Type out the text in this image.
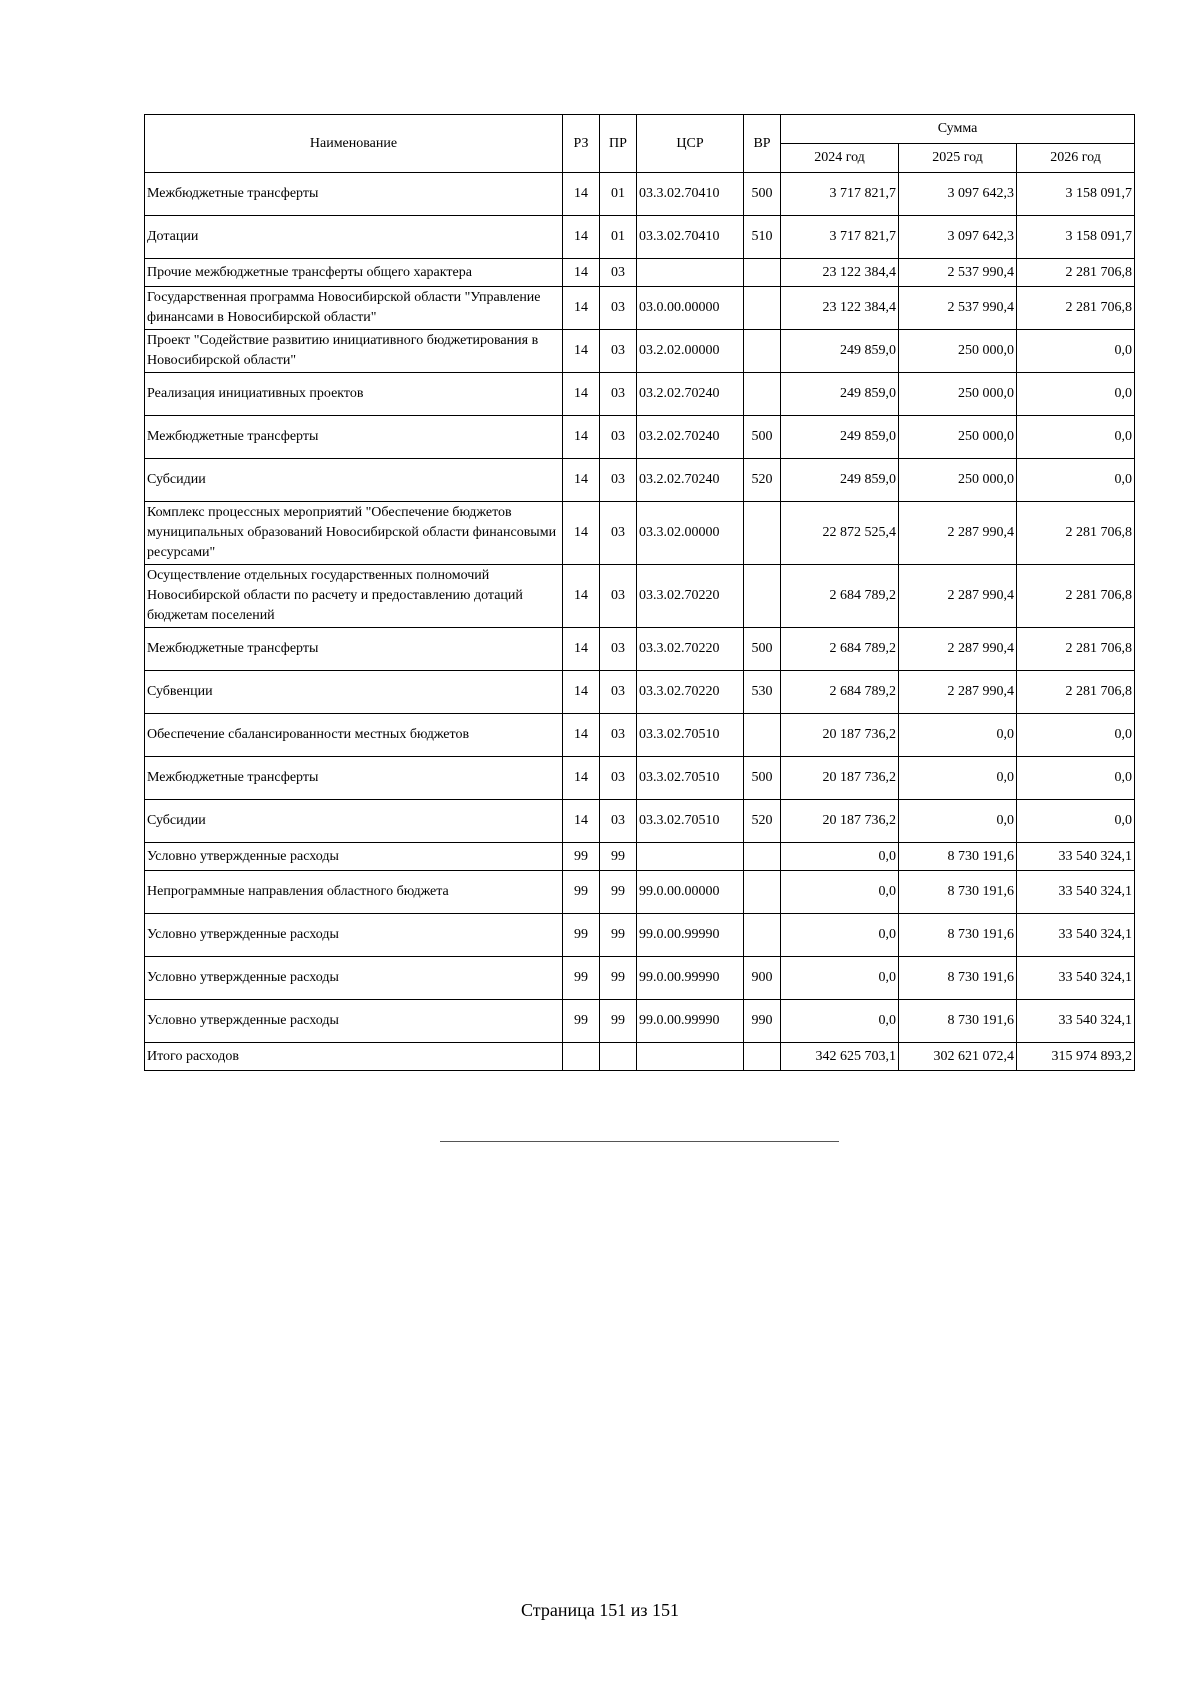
Наименование	РЗ	ПР	ЦСР	ВР	Сумма		
					2024 год	2025 год	2026 год
Межбюджетные трансферты	14	01	03.3.02.70410	500	3 717 821,7	3 097 642,3	3 158 091,7
Дотации	14	01	03.3.02.70410	510	3 717 821,7	3 097 642,3	3 158 091,7
Прочие межбюджетные трансферты общего характера	14	03			23 122 384,4	2 537 990,4	2 281 706,8
Государственная программа Новосибирской области "Управление финансами в Новосибирской области"	14	03	03.0.00.00000		23 122 384,4	2 537 990,4	2 281 706,8
Проект "Содействие развитию инициативного бюджетирования в Новосибирской области"	14	03	03.2.02.00000		249 859,0	250 000,0	0,0
Реализация инициативных проектов	14	03	03.2.02.70240		249 859,0	250 000,0	0,0
Межбюджетные трансферты	14	03	03.2.02.70240	500	249 859,0	250 000,0	0,0
Субсидии	14	03	03.2.02.70240	520	249 859,0	250 000,0	0,0
Комплекс процессных мероприятий "Обеспечение бюджетов муниципальных образований Новосибирской области финансовыми ресурсами"	14	03	03.3.02.00000		22 872 525,4	2 287 990,4	2 281 706,8
Осуществление отдельных государственных полномочий Новосибирской области по расчету и предоставлению дотаций бюджетам поселений	14	03	03.3.02.70220		2 684 789,2	2 287 990,4	2 281 706,8
Межбюджетные трансферты	14	03	03.3.02.70220	500	2 684 789,2	2 287 990,4	2 281 706,8
Субвенции	14	03	03.3.02.70220	530	2 684 789,2	2 287 990,4	2 281 706,8
Обеспечение сбалансированности местных бюджетов	14	03	03.3.02.70510		20 187 736,2	0,0	0,0
Межбюджетные трансферты	14	03	03.3.02.70510	500	20 187 736,2	0,0	0,0
Субсидии	14	03	03.3.02.70510	520	20 187 736,2	0,0	0,0
Условно утвержденные расходы	99	99			0,0	8 730 191,6	33 540 324,1
Непрограммные направления областного бюджета	99	99	99.0.00.00000		0,0	8 730 191,6	33 540 324,1
Условно утвержденные расходы	99	99	99.0.00.99990		0,0	8 730 191,6	33 540 324,1
Условно утвержденные расходы	99	99	99.0.00.99990	900	0,0	8 730 191,6	33 540 324,1
Условно утвержденные расходы	99	99	99.0.00.99990	990	0,0	8 730 191,6	33 540 324,1
Итого расходов					342 625 703,1	302 621 072,4	315 974 893,2
Страница 151 из 151
